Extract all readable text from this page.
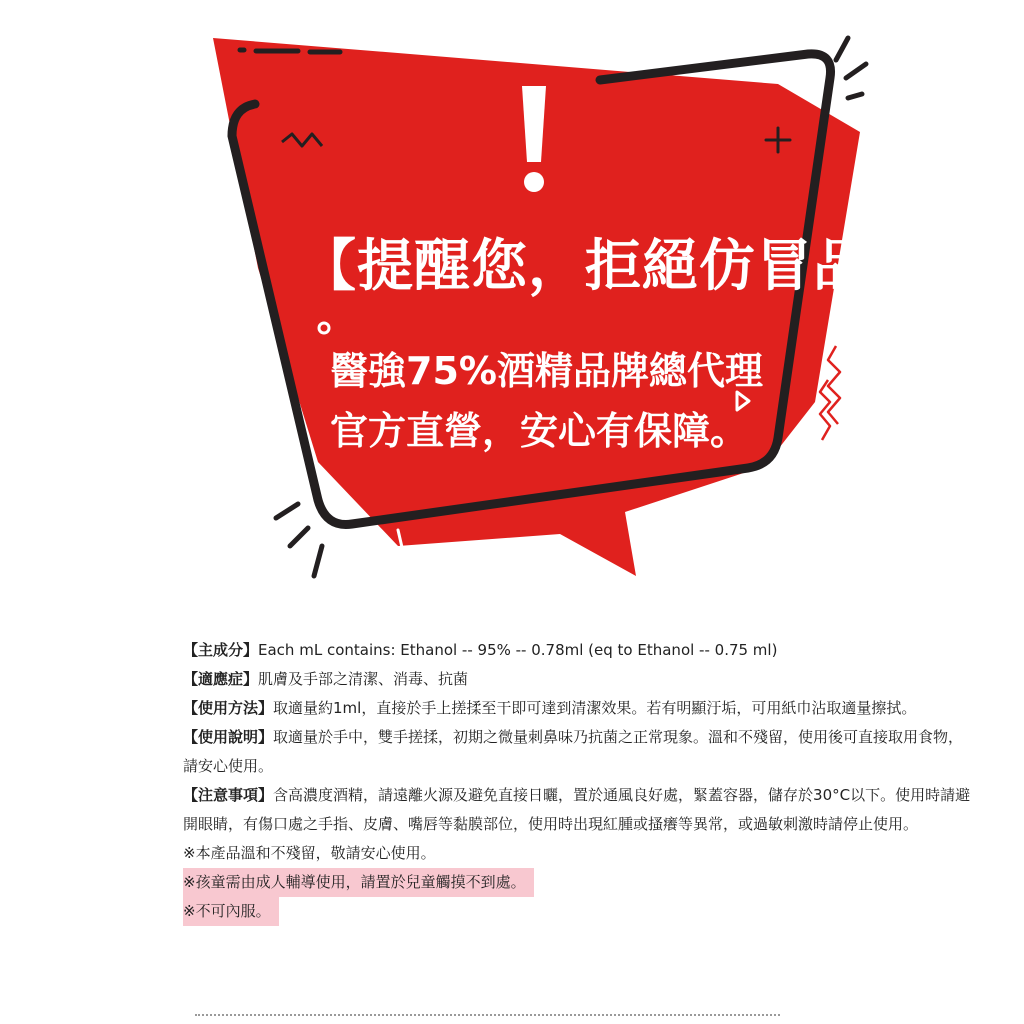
【提醒您，拒絕仿冒品】
醫強75%酒精品牌總代理
官方直營，安心有保障。
【主成分】Each mL contains: Ethanol -- 95% -- 0.78ml (eq to Ethanol -- 0.75 ml)
【適應症】肌膚及手部之清潔、消毒、抗菌
【使用方法】取適量約1ml，直接於手上搓揉至干即可達到清潔效果。若有明顯汙垢，可用紙巾沾取適量擦拭。
【使用說明】取適量於手中，雙手搓揉，初期之微量刺鼻味乃抗菌之正常現象。溫和不殘留，使用後可直接取用食物，
請安心使用。
【注意事項】含高濃度酒精，請遠離火源及避免直接日曬，置於通風良好處，緊蓋容器，儲存於30°C以下。使用時請避
開眼睛，有傷口處之手指、皮膚、嘴唇等黏膜部位，使用時出現紅腫或搔癢等異常，或過敏刺激時請停止使用。
※本產品溫和不殘留，敬請安心使用。
※孩童需由成人輔導使用，請置於兒童觸摸不到處。
※不可內服。
